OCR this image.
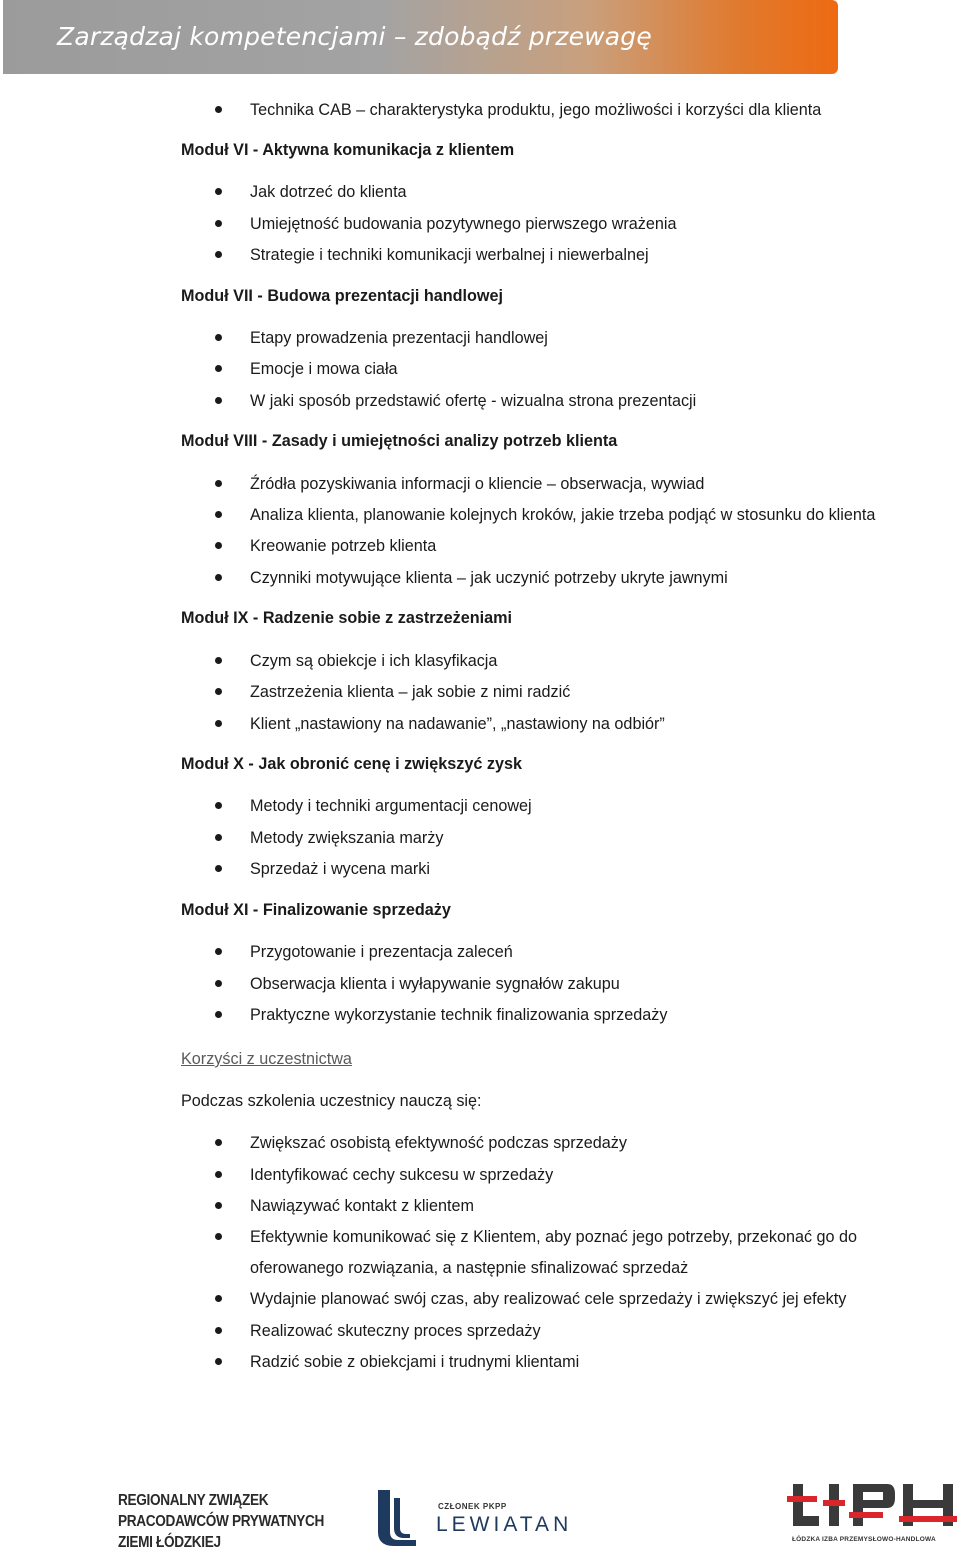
Zarządzaj kompetencjami – zdobądź przewagę
Technika CAB – charakterystyka produktu, jego możliwości i korzyści dla klienta
Moduł VI - Aktywna komunikacja z klientem
Jak dotrzeć do klienta
Umiejętność budowania pozytywnego pierwszego wrażenia
Strategie i techniki komunikacji werbalnej i niewerbalnej
Moduł VII - Budowa prezentacji handlowej
Etapy prowadzenia prezentacji handlowej
Emocje i mowa ciała
W jaki sposób przedstawić ofertę - wizualna strona prezentacji
Moduł VIII - Zasady i umiejętności analizy potrzeb klienta
Źródła pozyskiwania informacji o kliencie – obserwacja, wywiad
Analiza klienta, planowanie kolejnych kroków, jakie trzeba podjąć w stosunku do klienta
Kreowanie potrzeb klienta
Czynniki motywujące klienta – jak uczynić potrzeby ukryte jawnymi
Moduł IX - Radzenie sobie z zastrzeżeniami
Czym są obiekcje i ich klasyfikacja
Zastrzeżenia klienta – jak sobie z nimi radzić
Klient „nastawiony na nadawanie”, „nastawiony na odbiór”
Moduł X - Jak obronić cenę i zwiększyć zysk
Metody i techniki argumentacji cenowej
Metody zwiększania marży
Sprzedaż i wycena marki
Moduł XI - Finalizowanie sprzedaży
Przygotowanie i prezentacja zaleceń
Obserwacja klienta i wyłapywanie sygnałów zakupu
Praktyczne wykorzystanie technik finalizowania sprzedaży
Korzyści z uczestnictwa
Podczas szkolenia uczestnicy nauczą się:
Zwiększać osobistą efektywność podczas sprzedaży
Identyfikować cechy sukcesu w sprzedaży
Nawiązywać kontakt z klientem
Efektywnie komunikować się z Klientem, aby poznać jego potrzeby, przekonać go do
oferowanego rozwiązania, a następnie sfinalizować sprzedaż
Wydajnie planować swój czas, aby realizować cele sprzedaży i zwiększyć jej efekty
Realizować skuteczny proces sprzedaży
Radzić sobie z obiekcjami i trudnymi klientami
REGIONALNY ZWIĄZEK
PRACODAWCÓW PRYWATNYCH
ZIEMI ŁÓDZKIEJ
CZŁONEK PKPP
LEWIATAN
ŁÓDZKA IZBA PRZEMYSŁOWO-HANDLOWA
